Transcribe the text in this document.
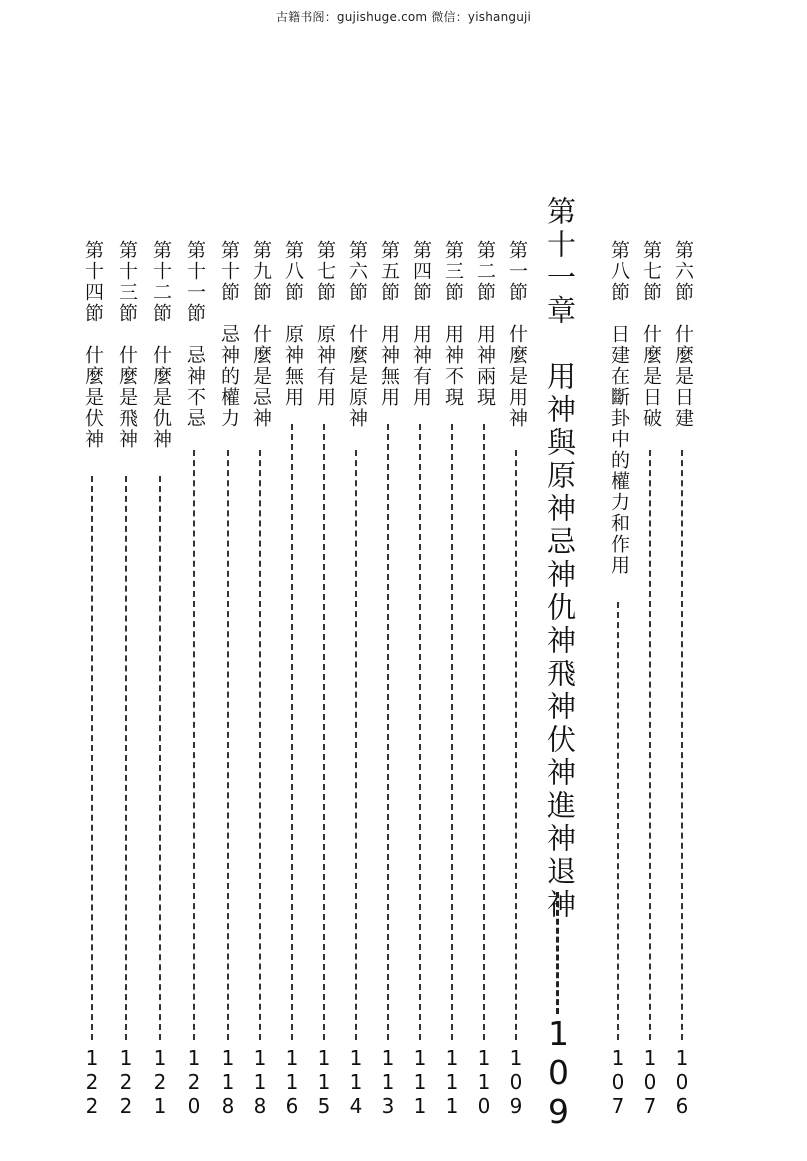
古籍书阁：gujishuge.com 微信：yishanguji
第六節　什麼是日建
106
第七節　什麼是日破
107
第八節　日建在斷卦中的權力和作用
107
第十一章　用神與原神忌神仇神飛神伏神進神退神
109
第一節　什麼是用神
109
第二節　用神兩現
110
第三節　用神不現
111
第四節　用神有用
111
第五節　用神無用
113
第六節　什麼是原神
114
第七節　原神有用
115
第八節　原神無用
116
第九節　什麼是忌神
118
第十節　忌神的權力
118
第十一節　忌神不忌
120
第十二節　什麼是仇神
121
第十三節　什麼是飛神
122
第十四節　什麼是伏神
122
